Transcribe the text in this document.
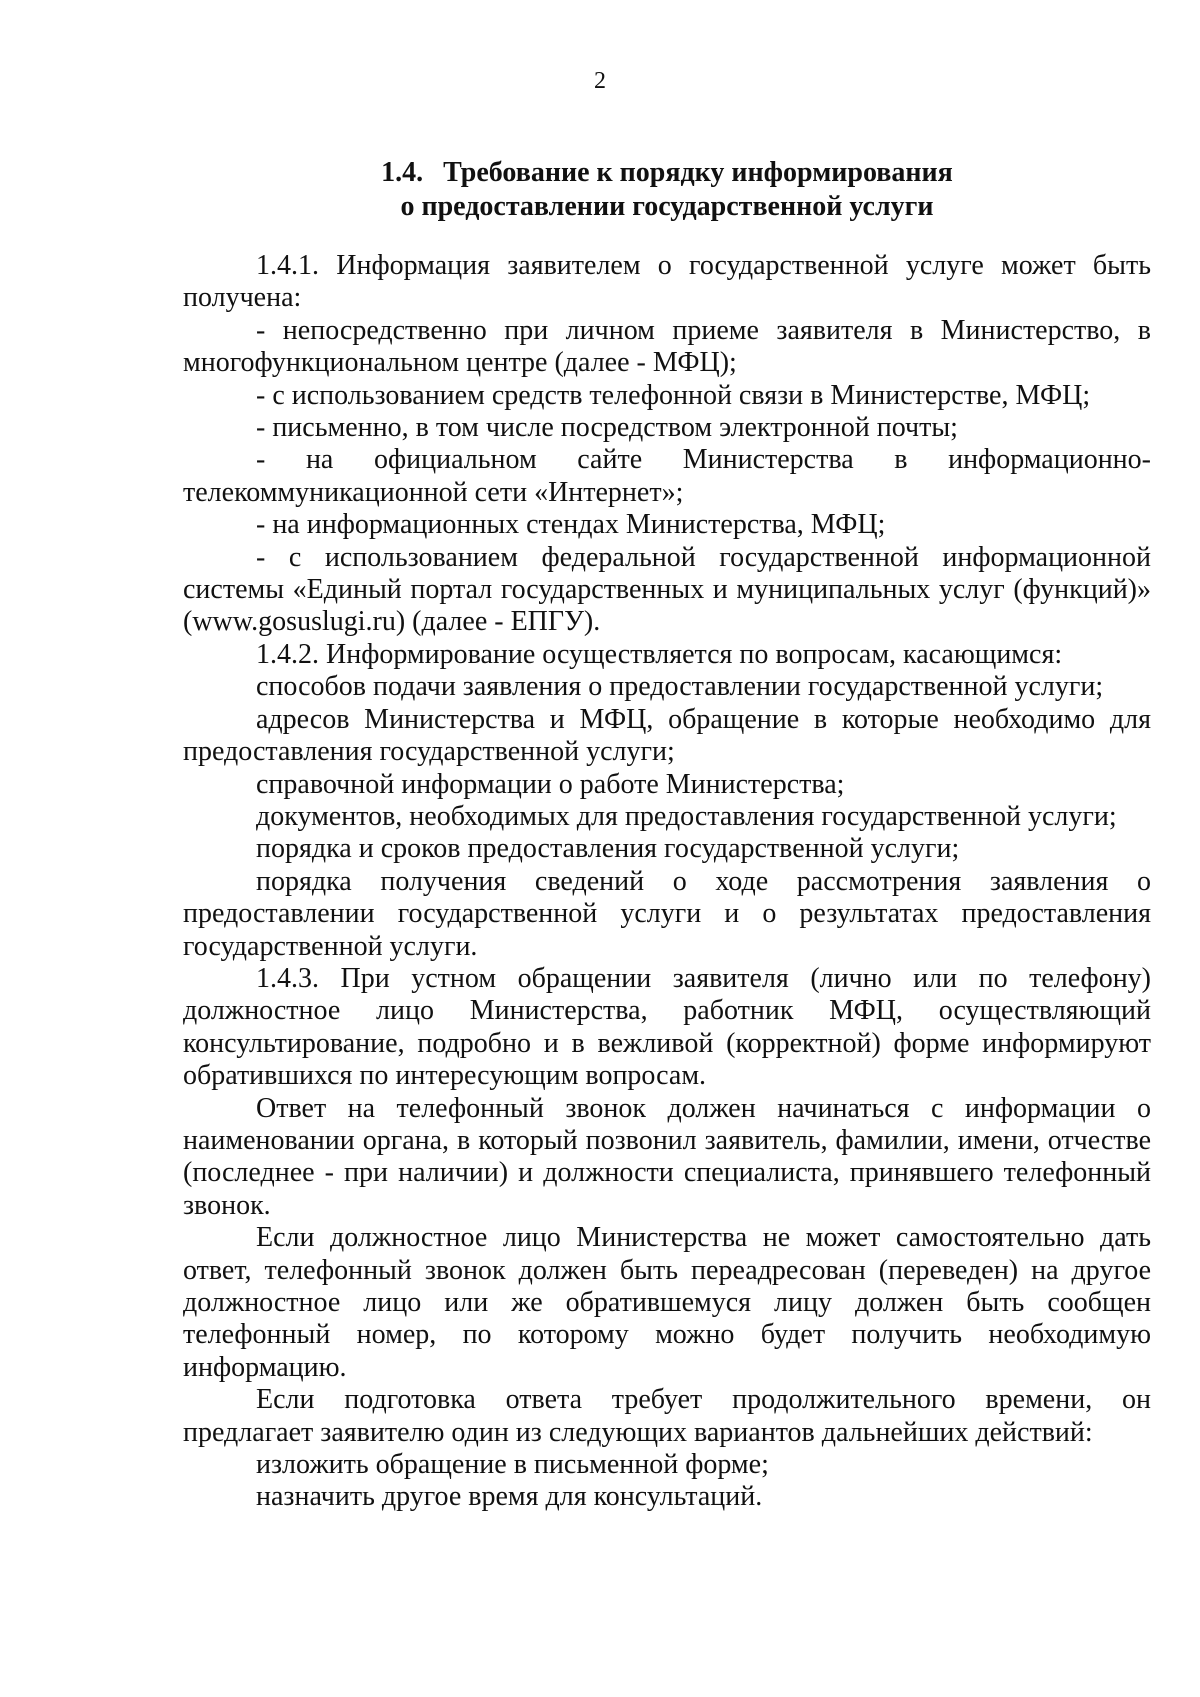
2
1.4. Требование к порядку информирования
о предоставлении государственной услуги

1.4.1. Информация заявителем о государственной услуге может быть получена:

- непосредственно при личном приеме заявителя в Министерство, в многофункциональном центре (далее - МФЦ);

- с использованием средств телефонной связи в Министерстве, МФЦ;

- письменно, в том числе посредством электронной почты;

- на официальном сайте Министерства в информационно-телекоммуникационной сети «Интернет»;

- на информационных стендах Министерства, МФЦ;

- с использованием федеральной государственной информационной системы «Единый портал государственных и муниципальных услуг (функций)» (www.gosuslugi.ru) (далее - ЕПГУ).

1.4.2. Информирование осуществляется по вопросам, касающимся:

способов подачи заявления о предоставлении государственной услуги;

адресов Министерства и МФЦ, обращение в которые необходимо для предоставления государственной услуги;

справочной информации о работе Министерства;

документов, необходимых для предоставления государственной услуги;

порядка и сроков предоставления государственной услуги;

порядка получения сведений о ходе рассмотрения заявления о предоставлении государственной услуги и о результатах предоставления государственной услуги.

1.4.3. При устном обращении заявителя (лично или по телефону) должностное лицо Министерства, работник МФЦ, осуществляющий консультирование, подробно и в вежливой (корректной) форме информируют обратившихся по интересующим вопросам.

Ответ на телефонный звонок должен начинаться с информации о наименовании органа, в который позвонил заявитель, фамилии, имени, отчестве (последнее - при наличии) и должности специалиста, принявшего телефонный звонок.

Если должностное лицо Министерства не может самостоятельно дать ответ, телефонный звонок должен быть переадресован (переведен) на другое должностное лицо или же обратившемуся лицу должен быть сообщен телефонный номер, по которому можно будет получить необходимую информацию.

Если подготовка ответа требует продолжительного времени, он предлагает заявителю один из следующих вариантов дальнейших действий:

изложить обращение в письменной форме;

назначить другое время для консультаций.
